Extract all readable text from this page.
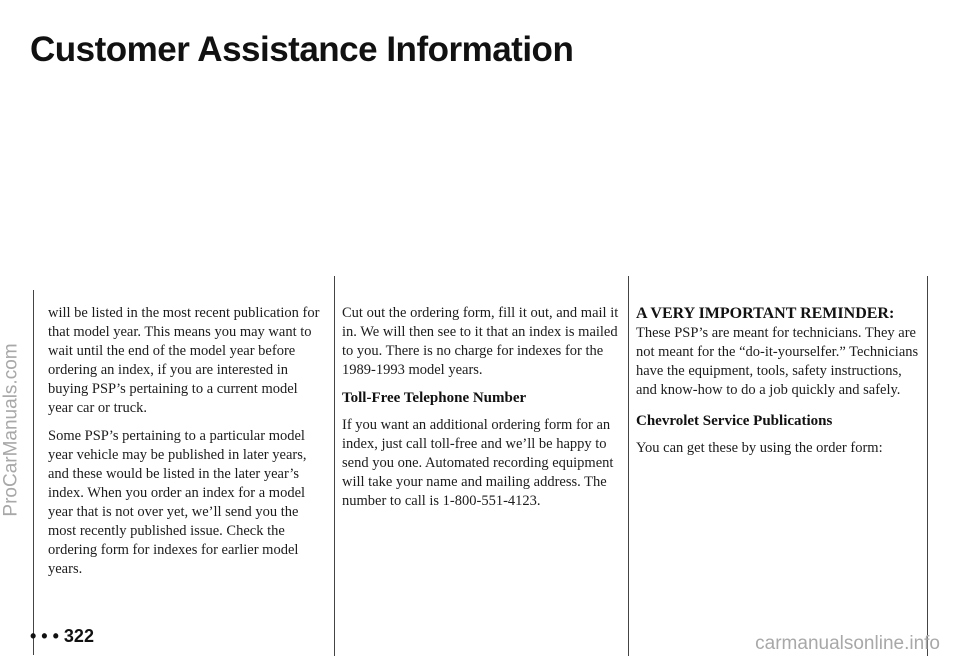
Customer Assistance Information
ProCarManuals.com

will be listed in the most recent publication for that model year. This means you may want to wait until the end of the model year before ordering an index, if you are interested in buying PSP’s pertaining to a current model year car or truck.

Some PSP’s pertaining to a particular model year vehicle may be published in later years, and these would be listed in the later year’s index. When you order an index for a model year that is not over yet, we’ll send you the most recently published issue. Check the ordering form for indexes for earlier model years.

Cut out the ordering form, fill it out, and mail it in. We will then see to it that an index is mailed to you. There is no charge for indexes for the 1989-1993 model years.

Toll-Free Telephone Number

If you want an additional ordering form for an index, just call toll-free and we’ll be happy to send you one. Automated recording equipment will take your name and mailing address. The number to call is 1-800-551-4123.

A VERY IMPORTANT REMINDER:

These PSP’s are meant for technicians. They are not meant for the “do-it-yourselfer.” Technicians have the equipment, tools, safety instructions, and know-how to do a job quickly and safely.

Chevrolet Service Publications

You can get these by using the order form:

• • • 322	carmanualsonline.info
